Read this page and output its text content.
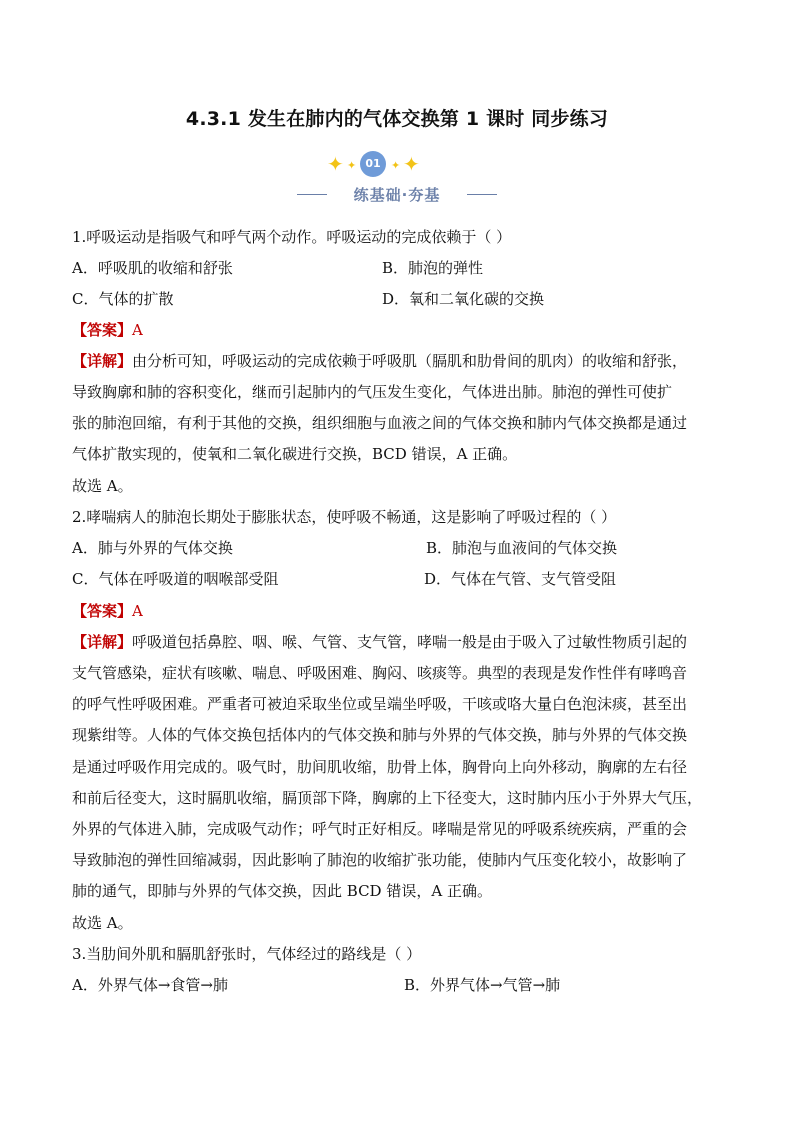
4.3.1 发生在肺内的气体交换第 1 课时 同步练习
✦ ✦ 01 ✦ ✦
练基础·夯基
1.呼吸运动是指吸气和呼气两个动作。呼吸运动的完成依赖于（ ）
A．呼吸肌的收缩和舒张	B．肺泡的弹性
C．气体的扩散	D．氧和二氧化碳的交换
【答案】A
【详解】由分析可知，呼吸运动的完成依赖于呼吸肌（膈肌和肋骨间的肌肉）的收缩和舒张，
导致胸廓和肺的容积变化，继而引起肺内的气压发生变化，气体进出肺。肺泡的弹性可使扩
张的肺泡回缩，有利于其他的交换，组织细胞与血液之间的气体交换和肺内气体交换都是通过
气体扩散实现的，使氧和二氧化碳进行交换，BCD 错误，A 正确。
故选 A。
2.哮喘病人的肺泡长期处于膨胀状态，使呼吸不畅通，这是影响了呼吸过程的（ ）
A．肺与外界的气体交换	B．肺泡与血液间的气体交换
C．气体在呼吸道的咽喉部受阻	D．气体在气管、支气管受阻
【答案】A
【详解】呼吸道包括鼻腔、咽、喉、气管、支气管，哮喘一般是由于吸入了过敏性物质引起的
支气管感染，症状有咳嗽、喘息、呼吸困难、胸闷、咳痰等。典型的表现是发作性伴有哮鸣音
的呼气性呼吸困难。严重者可被迫采取坐位或呈端坐呼吸，干咳或咯大量白色泡沫痰，甚至出
现紫绀等。人体的气体交换包括体内的气体交换和肺与外界的气体交换，肺与外界的气体交换
是通过呼吸作用完成的。吸气时，肋间肌收缩，肋骨上体，胸骨向上向外移动，胸廓的左右径
和前后径变大，这时膈肌收缩，膈顶部下降，胸廓的上下径变大，这时肺内压小于外界大气压，
外界的气体进入肺，完成吸气动作；呼气时正好相反。哮喘是常见的呼吸系统疾病，严重的会
导致肺泡的弹性回缩减弱，因此影响了肺泡的收缩扩张功能，使肺内气压变化较小，故影响了
肺的通气，即肺与外界的气体交换，因此 BCD 错误，A 正确。
故选 A。
3.当肋间外肌和膈肌舒张时，气体经过的路线是（ ）
A．外界气体→食管→肺	B．外界气体→气管→肺
